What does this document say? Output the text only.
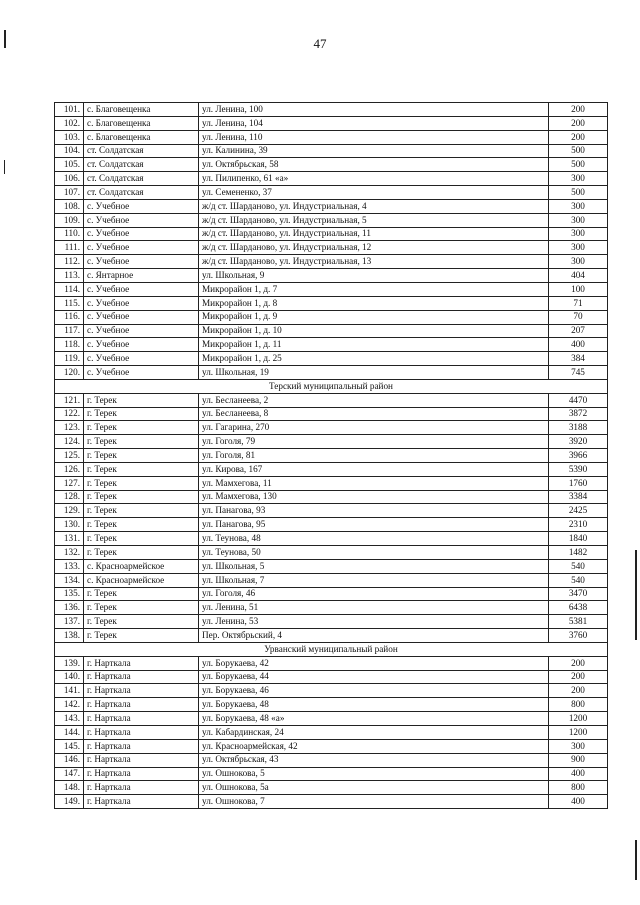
47
101.	с. Благовещенка	ул. Ленина, 100	200
102.	с. Благовещенка	ул. Ленина, 104	200
103.	с. Благовещенка	ул. Ленина, 110	200
104.	ст. Солдатская	ул. Калинина, 39	500
105.	ст. Солдатская	ул. Октябрьская, 58	500
106.	ст. Солдатская	ул. Пилипенко, 61 «а»	300
107.	ст. Солдатская	ул. Семененко, 37	500
108.	с. Учебное	ж/д ст. Шарданово, ул. Индустриальная, 4	300
109.	с. Учебное	ж/д ст. Шарданово, ул. Индустриальная, 5	300
110.	с. Учебное	ж/д ст. Шарданово, ул. Индустриальная, 11	300
111.	с. Учебное	ж/д ст. Шарданово, ул. Индустриальная, 12	300
112.	с. Учебное	ж/д ст. Шарданово, ул. Индустриальная, 13	300
113.	с. Янтарное	ул. Школьная, 9	404
114.	с. Учебное	Микрорайон 1, д. 7	100
115.	с. Учебное	Микрорайон 1, д. 8	71
116.	с. Учебное	Микрорайон 1, д. 9	70
117.	с. Учебное	Микрорайон 1, д. 10	207
118.	с. Учебное	Микрорайон 1, д. 11	400
119.	с. Учебное	Микрорайон 1, д. 25	384
120.	с. Учебное	ул. Школьная, 19	745
Терский муниципальный район			
121.	г. Терек	ул. Бесланеева, 2	4470
122.	г. Терек	ул. Бесланеева, 8	3872
123.	г. Терек	ул. Гагарина, 270	3188
124.	г. Терек	ул. Гоголя, 79	3920
125.	г. Терек	ул. Гоголя, 81	3966
126.	г. Терек	ул. Кирова, 167	5390
127.	г. Терек	ул. Мамхегова, 11	1760
128.	г. Терек	ул. Мамхегова, 130	3384
129.	г. Терек	ул. Панагова, 93	2425
130.	г. Терек	ул. Панагова, 95	2310
131.	г. Терек	ул. Теунова, 48	1840
132.	г. Терек	ул. Теунова, 50	1482
133.	с. Красноармейское	ул. Школьная, 5	540
134.	с. Красноармейское	ул. Школьная, 7	540
135.	г. Терек	ул. Гоголя, 46	3470
136.	г. Терек	ул. Ленина, 51	6438
137.	г. Терек	ул. Ленина, 53	5381
138.	г. Терек	Пер. Октябрьский, 4	3760
Урванский муниципальный район			
139.	г. Нарткала	ул. Борукаева, 42	200
140.	г. Нарткала	ул. Борукаева, 44	200
141.	г. Нарткала	ул. Борукаева, 46	200
142.	г. Нарткала	ул. Борукаева, 48	800
143.	г. Нарткала	ул. Борукаева, 48 «а»	1200
144.	г. Нарткала	ул. Кабардинская, 24	1200
145.	г. Нарткала	ул. Красноармейская, 42	300
146.	г. Нарткала	ул. Октябрьская, 43	900
147.	г. Нарткала	ул. Ошнокова, 5	400
148.	г. Нарткала	ул. Ошнокова, 5а	800
149.	г. Нарткала	ул. Ошнокова, 7	400
